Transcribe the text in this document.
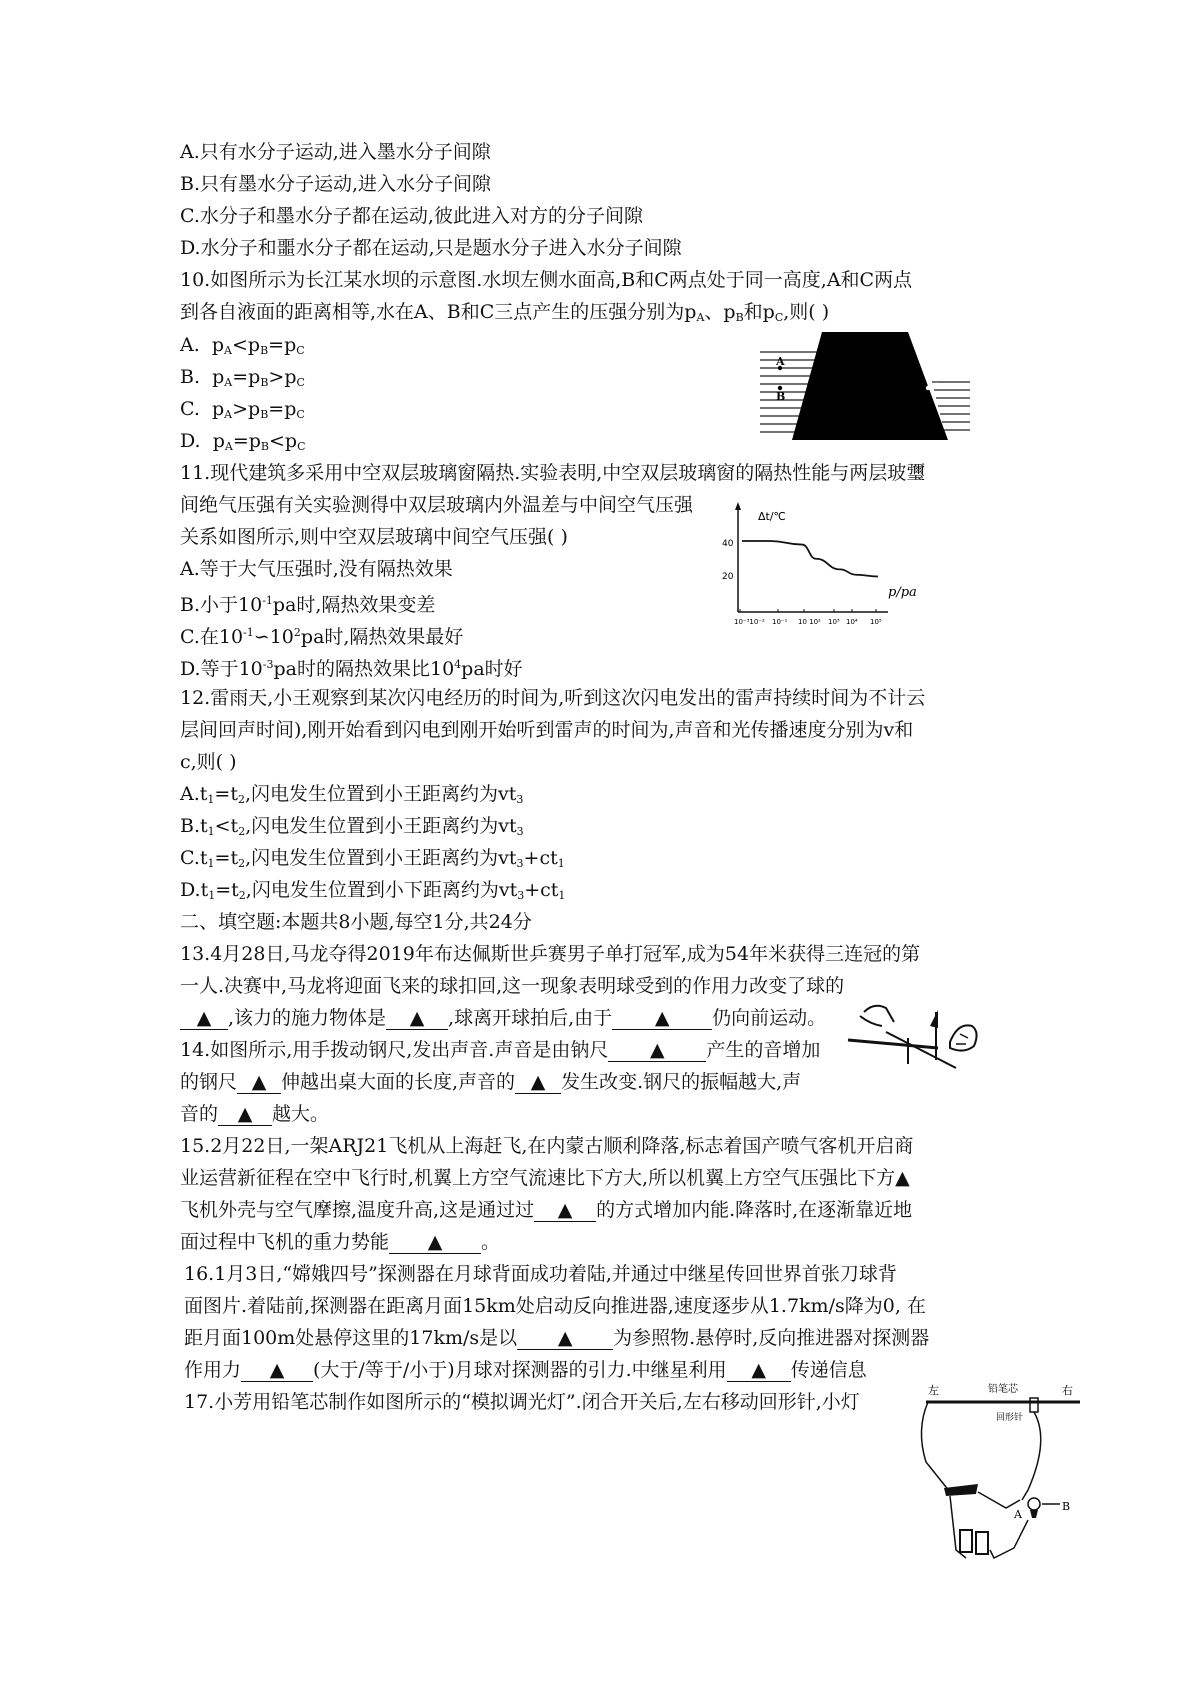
A.只有水分子运动,进入墨水分子间隙
B.只有墨水分子运动,进入水分子间隙
C.水分子和墨水分子都在运动,彼此进入对方的分子间隙
D.水分子和噩水分子都在运动,只是题水分子进入水分子间隙
10.如图所示为长江某水坝的示意图.水坝左侧水面高,B和C两点处于同一高度,A和C两点
到各自液面的距离相等,水在A、B和C三点产生的压强分别为$p_A$、$p_B$和$p_C$,则( )
A.  $p_A<p_B=p_C$
B.  $p_A=p_B>p_C$
C.  $p_A>p_B=p_C$
D.  $p_A=p_B<p_C$
A
B
C
11.现代建筑多采用中空双层玻璃窗隔热.实验表明,中空双层玻璃窗的隔热性能与两层玻瓕
间绝气压强有关实验测得中双层玻璃内外温差与中间空气压强
关系如图所示,则中空双层玻璃中间空气压强( )
A.等于大气压强时,没有隔热效果
B.小于$10^{-1}pa$时,隔热效果变差
C.在$10^{-1}∽10^2pa$时,隔热效果最好
D.等于$10^{-3}pa$时的隔热效果比$10^4pa$时好
Δt/℃
p/pa
40
20
10⁻³10⁻² 10⁻¹ 10 10² 10³ 10⁴ 10⁵
12.雷雨天,小王观察到某次闪电经历的时间为,听到这次闪电发出的雷声持续时间为不计云
层间回声时间),刚开始看到闪电到刚开始听到雷声的时间为,声音和光传播速度分别为v和
c,则( )
$A.t_1=t_2$,闪电发生位置到小王距离约为$vt_3$
$B.t_1<t_2$,闪电发生位置到小王距离约为$vt_3$
$C.t_1=t_2$,闪电发生位置到小王距离约为$vt_3+ct_1$
$D.t_1=t_2$,闪电发生位置到小下距离约为$vt_3+ct_1$
二、填空题:本题共8小题,每空1分,共24分
13.4月28日,马龙夺得2019年布达佩斯世乒赛男子单打冠军,成为54年米获得三连冠的第
一人.决赛中,马龙将迎面飞来的球扣回,这一现象表明球受到的作用力改变了球的
▲ ,该力的施力物体是 ▲ ,球离开球拍后,由于 ▲ 仍向前运动。
14.如图所示,用手拨动钢尺,发出声音.声音是由钠尺 ▲ 产生的音增加
的钢尺 ▲ 伸越出桌大面的长度,声音的 ▲ 发生改变.钢尺的振幅越大,声
音的 ▲ 越大。
15.2月22日,一架ARJ21飞机从上海赶飞,在内蒙古顺利降落,标志着国产喷气客机开启商
业运营新征程在空中飞行时,机翼上方空气流速比下方大,所以机翼上方空气压强比下方▲
飞机外壳与空气摩擦,温度升高,这是通过过 ▲ 的方式增加内能.降落时,在逐渐靠近地
面过程中飞机的重力势能 ▲ 。
16.1月3日,“嫦娥四号”探测器在月球背面成功着陆,并通过中继星传回世界首张刀球背
面图片.着陆前,探测器在距离月面15km处启动反向推进器,速度逐步从1.7km/s降为0, 在
距月面100m处悬停这里的17km/s是以 ▲ 为参照物.悬停时,反向推进器对探测器
作用力 ▲ (大于/等于/小于)月球对探测器的引力.中继星利用 ▲ 传递信息
17.小芳用铅笔芯制作如图所示的“模拟调光灯”.闭合开关后,左右移动回形针,小灯
左	铅笔芯	右
回形针
A
B
